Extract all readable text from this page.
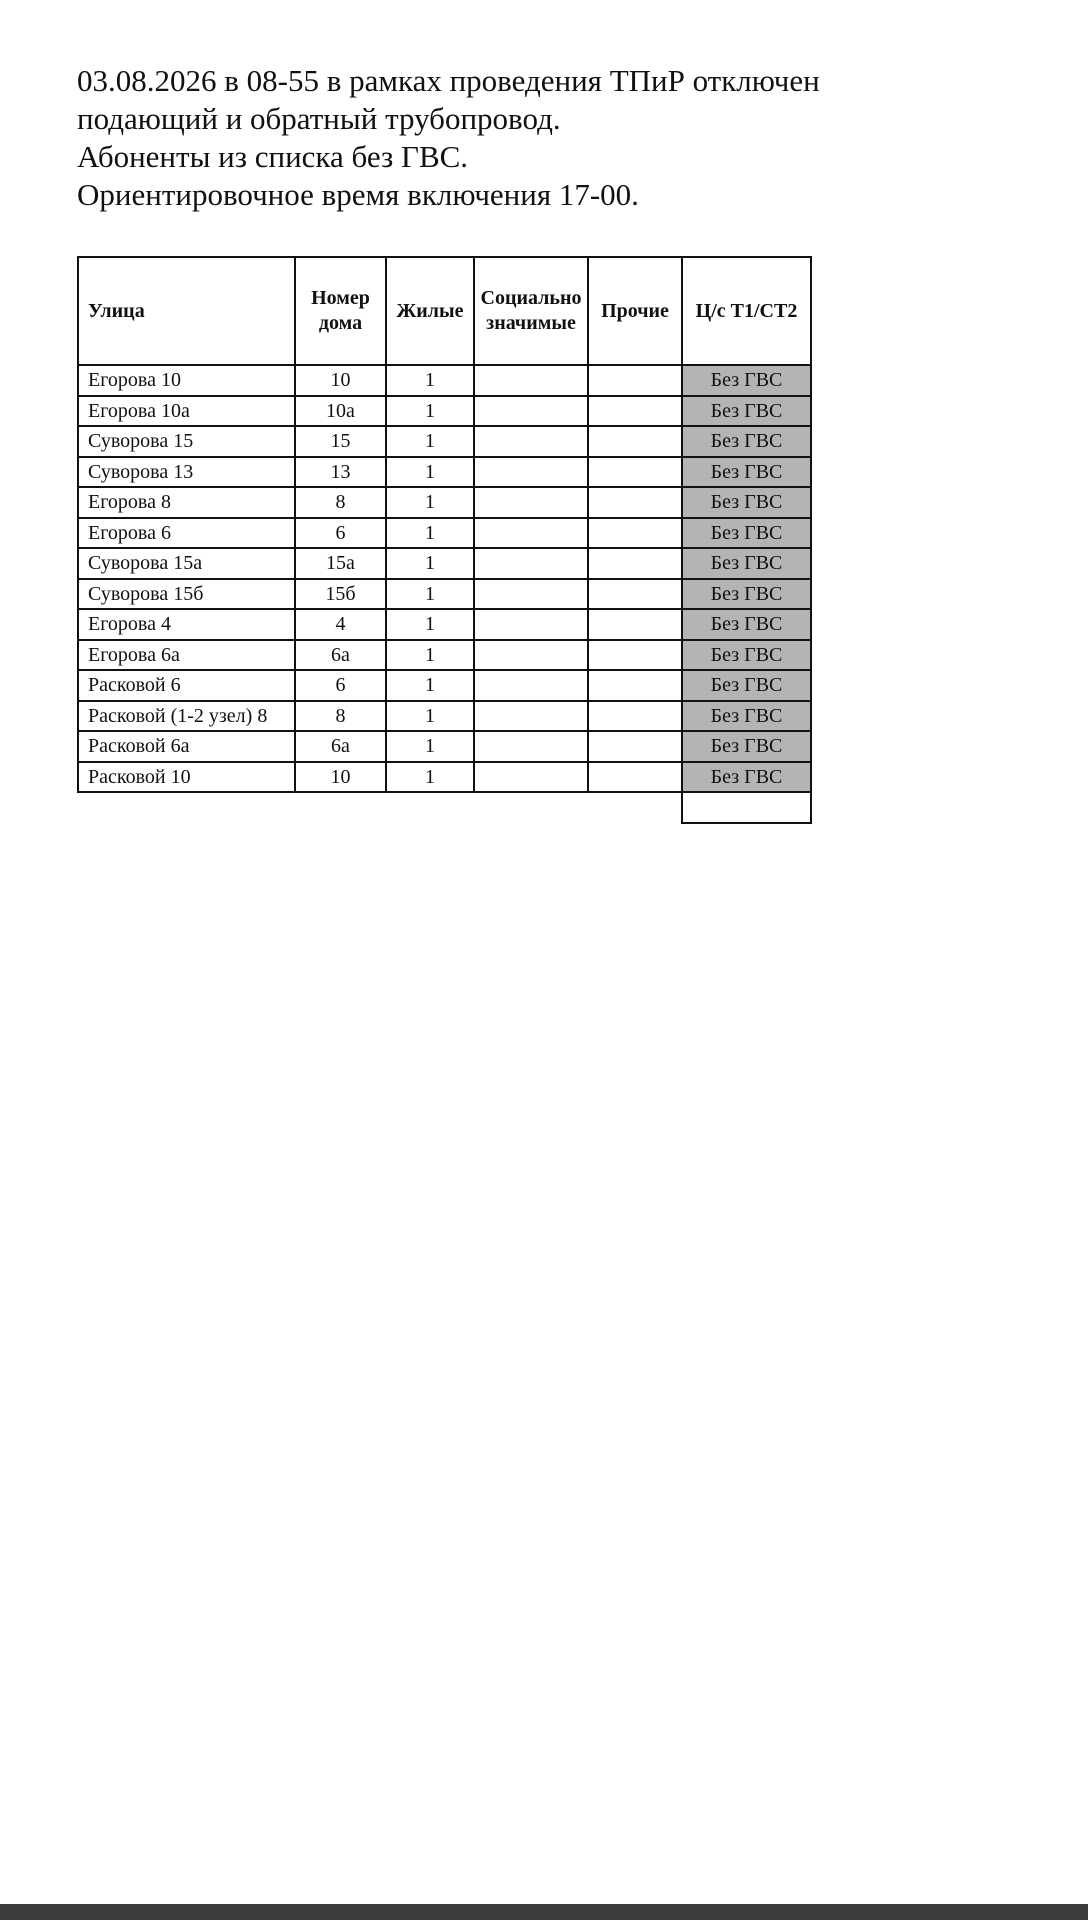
03.08.2026 в 08-55 в рамках проведения ТПиР отключен
подающий и обратный трубопровод.
Абоненты из списка без ГВС.
Ориентировочное время включения 17-00.
Улица	Номер дома	Жилые	Социально значимые	Прочие	Ц/с Т1/СТ2
Егорова 10	10	1			Без ГВС
Егорова 10а	10а	1			Без ГВС
Суворова 15	15	1			Без ГВС
Суворова 13	13	1			Без ГВС
Егорова 8	8	1			Без ГВС
Егорова 6	6	1			Без ГВС
Суворова 15а	15а	1			Без ГВС
Суворова 15б	15б	1			Без ГВС
Егорова 4	4	1			Без ГВС
Егорова 6а	6а	1			Без ГВС
Расковой 6	6	1			Без ГВС
Расковой (1-2 узел) 8	8	1			Без ГВС
Расковой 6а	6а	1			Без ГВС
Расковой 10	10	1			Без ГВС
